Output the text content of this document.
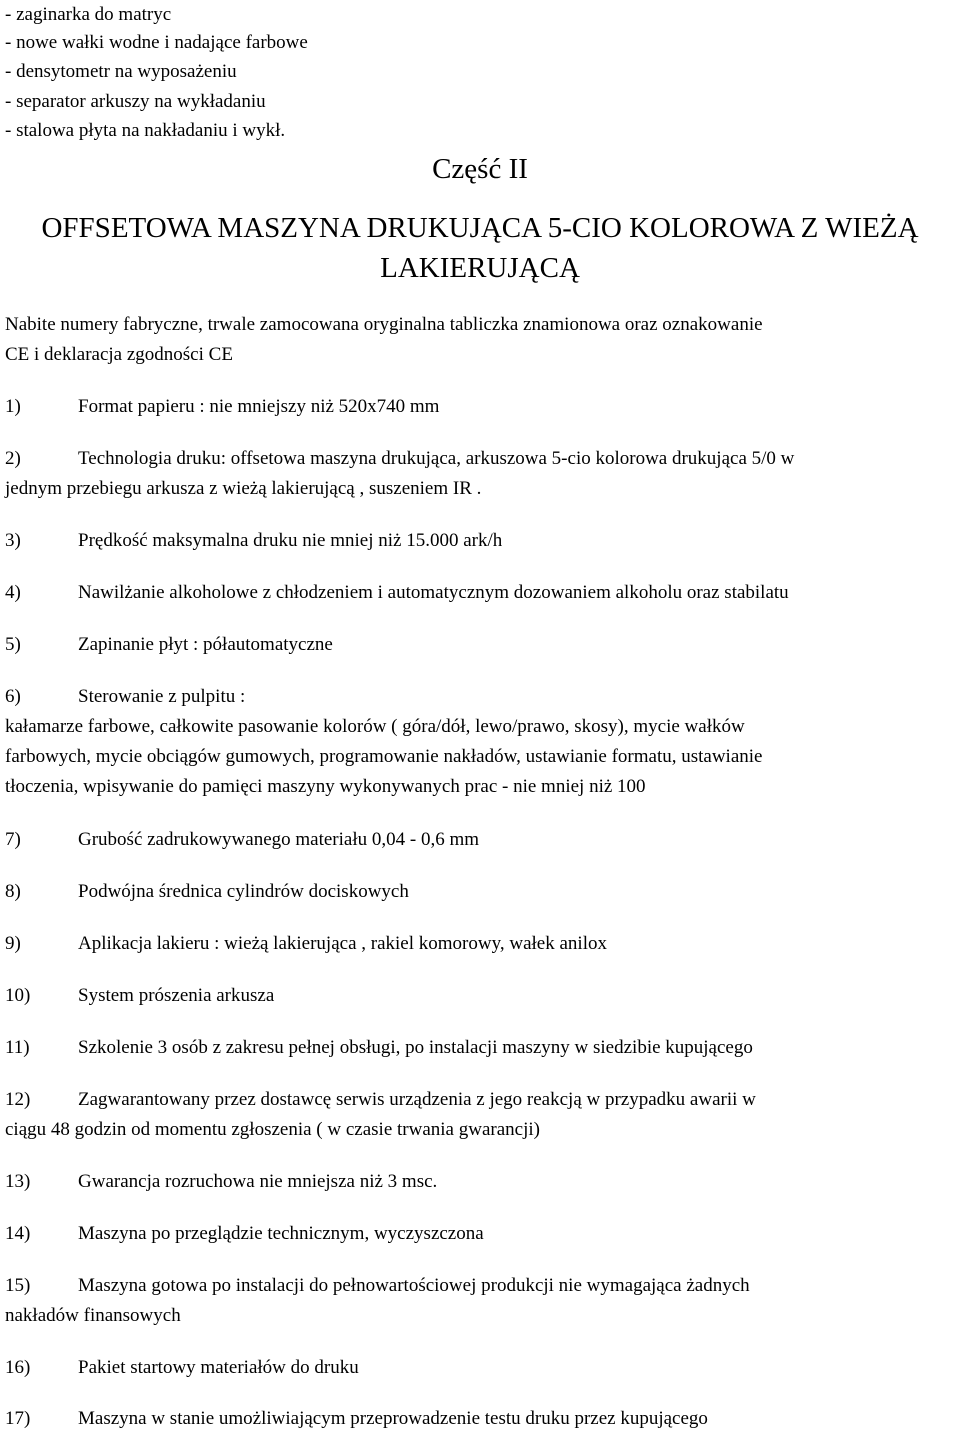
- zaginarka do matryc
- nowe wałki wodne i nadające farbowe
- densytometr na wyposażeniu
- separator arkuszy na wykładaniu
- stalowa płyta na nakładaniu i wykł.
Część II
OFFSETOWA MASZYNA DRUKUJĄCA 5-CIO KOLOROWA Z WIEŻĄ
LAKIERUJĄCĄ
Nabite numery fabryczne, trwale zamocowana oryginalna tabliczka znamionowa oraz oznakowanie
CE i deklaracja zgodności CE
1)	Format papieru : nie mniejszy niż 520x740 mm
2)	Technologia druku: offsetowa maszyna drukująca, arkuszowa 5-cio kolorowa drukująca 5/0 w
jednym przebiegu arkusza z wieżą lakierującą , suszeniem IR .
3)	Prędkość maksymalna druku nie mniej niż 15.000 ark/h
4)	Nawilżanie alkoholowe z chłodzeniem i automatycznym dozowaniem alkoholu oraz stabilatu
5)	Zapinanie płyt : półautomatyczne
6)	Sterowanie z pulpitu :
kałamarze farbowe, całkowite pasowanie kolorów ( góra/dół, lewo/prawo, skosy), mycie wałków
farbowych, mycie obciągów gumowych, programowanie nakładów, ustawianie formatu, ustawianie
tłoczenia, wpisywanie do pamięci maszyny wykonywanych prac - nie mniej niż 100
7)	Grubość zadrukowywanego materiału 0,04 - 0,6 mm
8)	Podwójna średnica cylindrów dociskowych
9)	Aplikacja lakieru : wieżą lakierująca , rakiel komorowy, wałek anilox
10)	System prószenia arkusza
11)	Szkolenie 3 osób z zakresu pełnej obsługi, po instalacji maszyny w siedzibie kupującego
12)	Zagwarantowany przez dostawcę serwis urządzenia z jego reakcją w przypadku awarii w
ciągu 48 godzin od momentu zgłoszenia ( w czasie trwania gwarancji)
13)	Gwarancja rozruchowa nie mniejsza niż 3 msc.
14)	Maszyna po przeglądzie technicznym, wyczyszczona
15)	Maszyna gotowa po instalacji do pełnowartościowej produkcji nie wymagająca żadnych
nakładów finansowych
16)	Pakiet startowy materiałów do druku
17)	Maszyna w stanie umożliwiającym przeprowadzenie testu druku przez kupującego
